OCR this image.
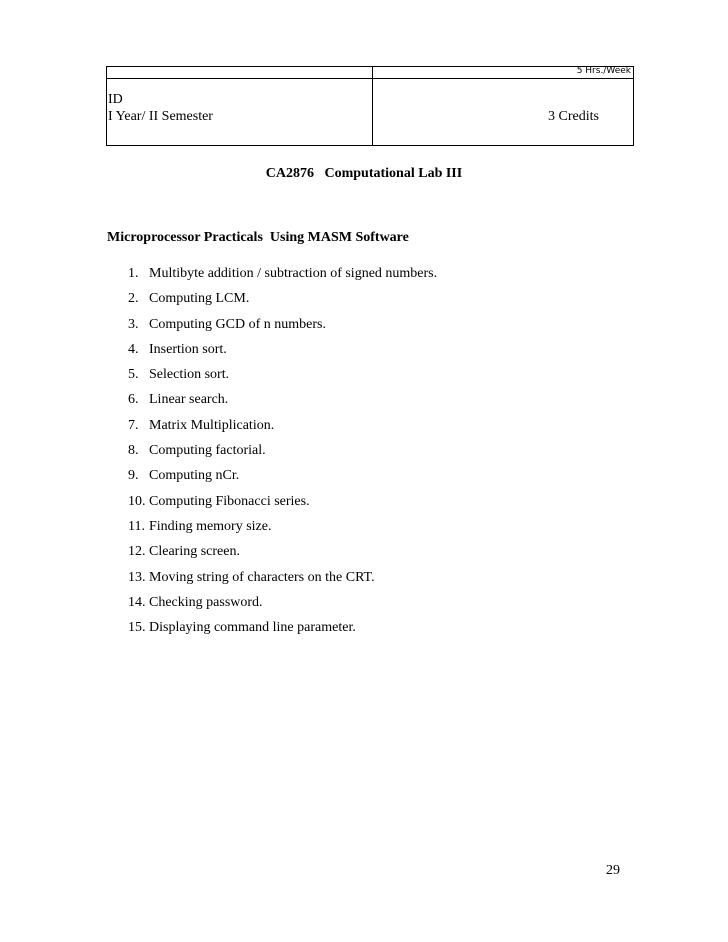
5 Hrs./Week
ID
I Year/ II Semester	3 Credits
CA2876   Computational Lab III
Microprocessor Practicals  Using MASM Software
1. Multibyte addition / subtraction of signed numbers.
2. Computing LCM.
3. Computing GCD of n numbers.
4. Insertion sort.
5. Selection sort.
6. Linear search.
7. Matrix Multiplication.
8. Computing factorial.
9. Computing nCr.
10. Computing Fibonacci series.
11. Finding memory size.
12. Clearing screen.
13. Moving string of characters on the CRT.
14. Checking password.
15. Displaying command line parameter.
29
